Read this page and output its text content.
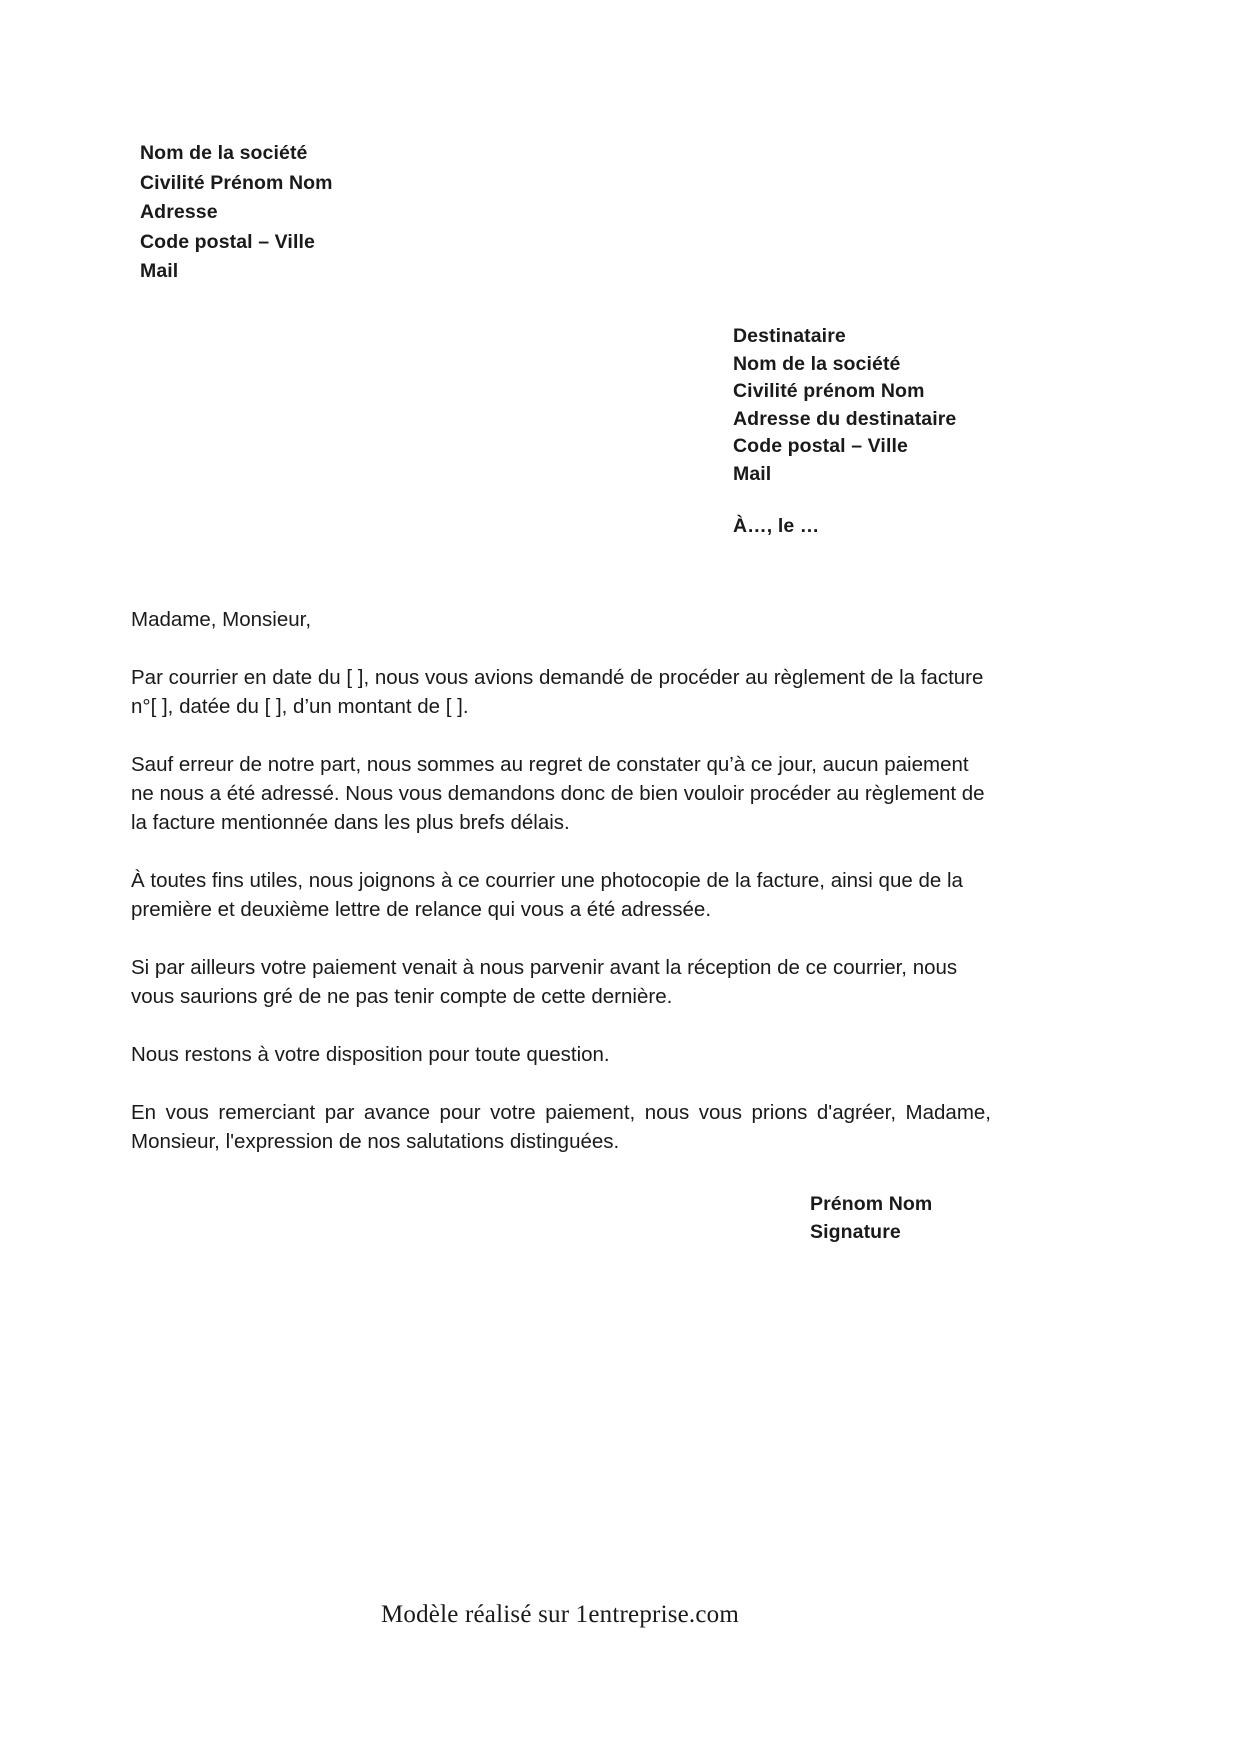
Nom de la société
Civilité Prénom Nom
Adresse
Code postal – Ville
Mail
Destinataire
Nom de la société
Civilité prénom Nom
Adresse du destinataire
Code postal – Ville
Mail
À…, le …

Madame, Monsieur,

Par courrier en date du [ ], nous vous avions demandé de procéder au règlement de la facture n°[ ], datée du [ ], d’un montant de [ ].

Sauf erreur de notre part, nous sommes au regret de constater qu’à ce jour, aucun paiement ne nous a été adressé. Nous vous demandons donc de bien vouloir procéder au règlement de la facture mentionnée dans les plus brefs délais.

À toutes fins utiles, nous joignons à ce courrier une photocopie de la facture, ainsi que de la première et deuxième lettre de relance qui vous a été adressée.

Si par ailleurs votre paiement venait à nous parvenir avant la réception de ce courrier, nous vous saurions gré de ne pas tenir compte de cette dernière.

Nous restons à votre disposition pour toute question.

En vous remerciant par avance pour votre paiement, nous vous prions d'agréer, Madame, Monsieur, l'expression de nos salutations distinguées.

Prénom Nom
Signature
Modèle réalisé sur 1entreprise.com
